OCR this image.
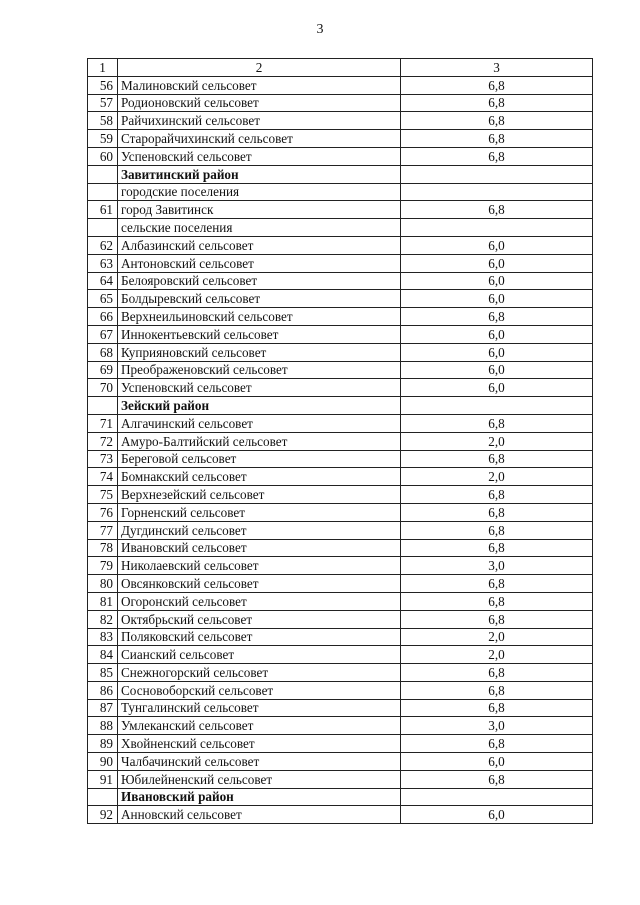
3
1	2	3
56	Малиновский сельсовет	6,8
57	Родионовский сельсовет	6,8
58	Райчихинский сельсовет	6,8
59	Старорайчихинский сельсовет	6,8
60	Успеновский сельсовет	6,8
	Завитинский район	
	городские поселения	
61	город Завитинск	6,8
	сельские поселения	
62	Албазинский сельсовет	6,0
63	Антоновский сельсовет	6,0
64	Белояровский сельсовет	6,0
65	Болдыревский сельсовет	6,0
66	Верхнеильиновский сельсовет	6,8
67	Иннокентьевский сельсовет	6,0
68	Куприяновский сельсовет	6,0
69	Преображеновский сельсовет	6,0
70	Успеновский сельсовет	6,0
	Зейский район	
71	Алгачинский сельсовет	6,8
72	Амуро-Балтийский сельсовет	2,0
73	Береговой сельсовет	6,8
74	Бомнакский сельсовет	2,0
75	Верхнезейский сельсовет	6,8
76	Горненский сельсовет	6,8
77	Дугдинский сельсовет	6,8
78	Ивановский сельсовет	6,8
79	Николаевский сельсовет	3,0
80	Овсянковский сельсовет	6,8
81	Огоронский сельсовет	6,8
82	Октябрьский сельсовет	6,8
83	Поляковский сельсовет	2,0
84	Сианский сельсовет	2,0
85	Снежногорский сельсовет	6,8
86	Сосновоборский сельсовет	6,8
87	Тунгалинский сельсовет	6,8
88	Умлеканский сельсовет	3,0
89	Хвойненский сельсовет	6,8
90	Чалбачинский сельсовет	6,0
91	Юбилейненский сельсовет	6,8
	Ивановский район	
92	Анновский сельсовет	6,0
